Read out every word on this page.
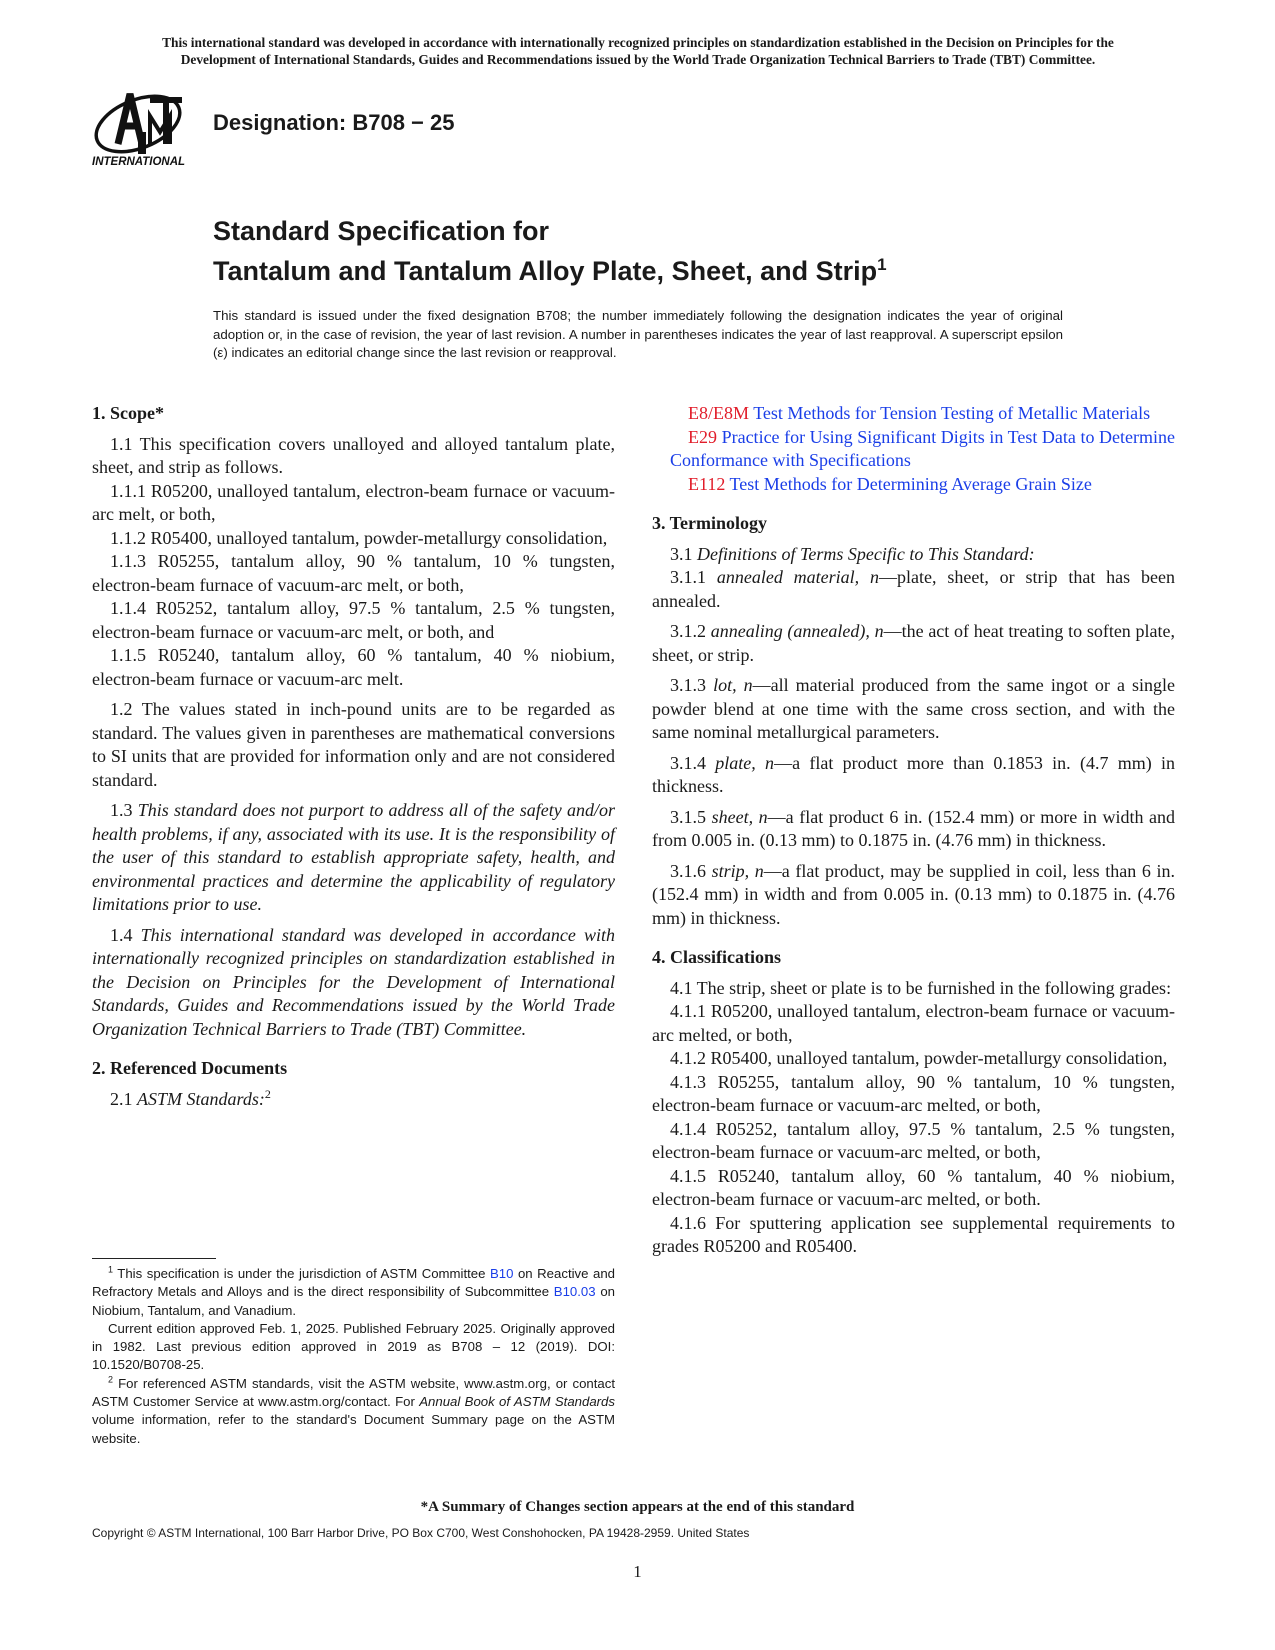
This international standard was developed in accordance with internationally recognized principles on standardization established in the Decision on Principles for the
Development of International Standards, Guides and Recommendations issued by the World Trade Organization Technical Barriers to Trade (TBT) Committee.
INTERNATIONAL
Designation: B708 − 25
Standard Specification for
Tantalum and Tantalum Alloy Plate, Sheet, and Strip$^1$
This standard is issued under the fixed designation B708; the number immediately following the designation indicates the year of original adoption or, in the case of revision, the year of last revision. A number in parentheses indicates the year of last reapproval. A superscript epsilon (ε) indicates an editorial change since the last revision or reapproval.
1. Scope*

1.1 This specification covers unalloyed and alloyed tantalum plate, sheet, and strip as follows.

1.1.1 R05200, unalloyed tantalum, electron-beam furnace or vacuum-arc melt, or both,

1.1.2 R05400, unalloyed tantalum, powder-metallurgy consolidation,

1.1.3 R05255, tantalum alloy, 90 % tantalum, 10 % tungsten, electron-beam furnace of vacuum-arc melt, or both,

1.1.4 R05252, tantalum alloy, 97.5 % tantalum, 2.5 % tungsten, electron-beam furnace or vacuum-arc melt, or both, and

1.1.5 R05240, tantalum alloy, 60 % tantalum, 40 % niobium, electron-beam furnace or vacuum-arc melt.

1.2 The values stated in inch-pound units are to be regarded as standard. The values given in parentheses are mathematical conversions to SI units that are provided for information only and are not considered standard.

1.3 This standard does not purport to address all of the safety and/or health problems, if any, associated with its use. It is the responsibility of the user of this standard to establish appropriate safety, health, and environmental practices and determine the applicability of regulatory limitations prior to use.

1.4 This international standard was developed in accordance with internationally recognized principles on standardization established in the Decision on Principles for the Development of International Standards, Guides and Recommendations issued by the World Trade Organization Technical Barriers to Trade (TBT) Committee.

2. Referenced Documents

2.1 ASTM Standards:$^2$

E8/E8M Test Methods for Tension Testing of Metallic Materials

E29 Practice for Using Significant Digits in Test Data to Determine Conformance with Specifications

E112 Test Methods for Determining Average Grain Size

3. Terminology

3.1 Definitions of Terms Specific to This Standard:

3.1.1 annealed material, n—plate, sheet, or strip that has been annealed.

3.1.2 annealing (annealed), n—the act of heat treating to soften plate, sheet, or strip.

3.1.3 lot, n—all material produced from the same ingot or a single powder blend at one time with the same cross section, and with the same nominal metallurgical parameters.

3.1.4 plate, n—a flat product more than 0.1853 in. (4.7 mm) in thickness.

3.1.5 sheet, n—a flat product 6 in. (152.4 mm) or more in width and from 0.005 in. (0.13 mm) to 0.1875 in. (4.76 mm) in thickness.

3.1.6 strip, n—a flat product, may be supplied in coil, less than 6 in. (152.4 mm) in width and from 0.005 in. (0.13 mm) to 0.1875 in. (4.76 mm) in thickness.

4. Classifications

4.1 The strip, sheet or plate is to be furnished in the following grades:

4.1.1 R05200, unalloyed tantalum, electron-beam furnace or vacuum-arc melted, or both,

4.1.2 R05400, unalloyed tantalum, powder-metallurgy consolidation,

4.1.3 R05255, tantalum alloy, 90 % tantalum, 10 % tungsten, electron-beam furnace or vacuum-arc melted, or both,

4.1.4 R05252, tantalum alloy, 97.5 % tantalum, 2.5 % tungsten, electron-beam furnace or vacuum-arc melted, or both,

4.1.5 R05240, tantalum alloy, 60 % tantalum, 40 % niobium, electron-beam furnace or vacuum-arc melted, or both.

4.1.6 For sputtering application see supplemental requirements to grades R05200 and R05400.

$^1$ This specification is under the jurisdiction of ASTM Committee B10 on Reactive and Refractory Metals and Alloys and is the direct responsibility of Subcommittee B10.03 on Niobium, Tantalum, and Vanadium.

Current edition approved Feb. 1, 2025. Published February 2025. Originally approved in 1982. Last previous edition approved in 2019 as B708 – 12 (2019). DOI: 10.1520/B0708-25.

$^2$ For referenced ASTM standards, visit the ASTM website, www.astm.org, or contact ASTM Customer Service at www.astm.org/contact. For Annual Book of ASTM Standards volume information, refer to the standard's Document Summary page on the ASTM website.

*A Summary of Changes section appears at the end of this standard
Copyright © ASTM International, 100 Barr Harbor Drive, PO Box C700, West Conshohocken, PA 19428-2959. United States
1
